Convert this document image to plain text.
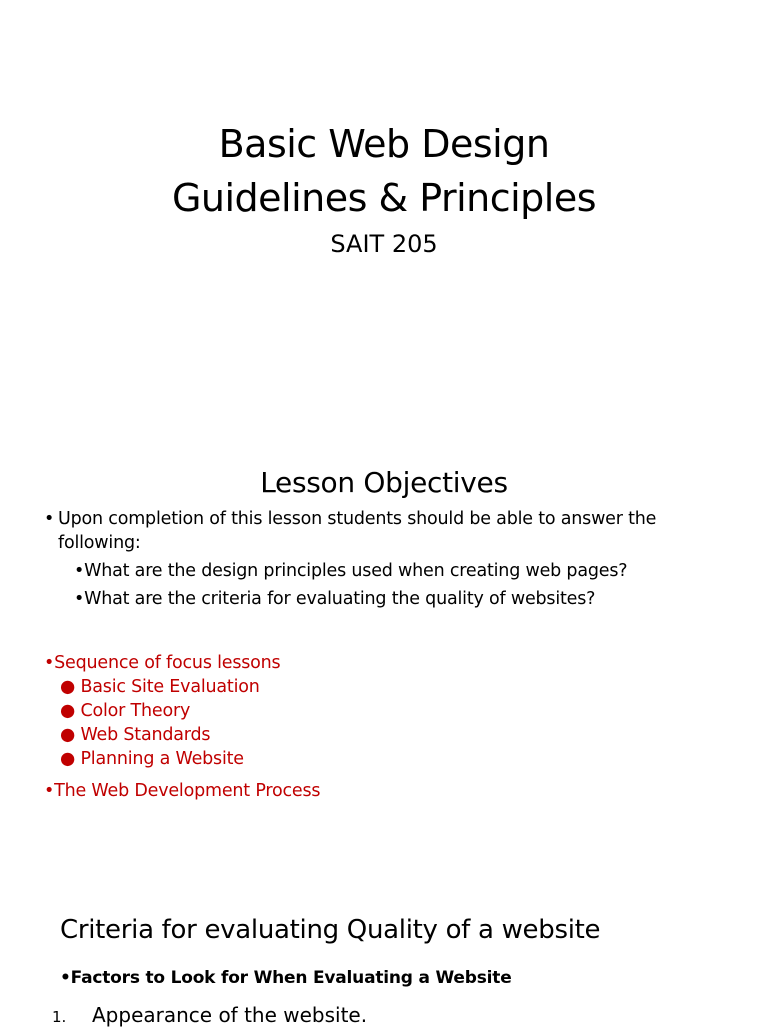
Basic Web Design
Guidelines & Principles
SAIT 205
Lesson Objectives
• Upon completion of this lesson students should be able to answer the following:
•What are the design principles used when creating web pages?
•What are the criteria for evaluating the quality of websites?
•Sequence of focus lessons
● Basic Site Evaluation
● Color Theory
● Web Standards
● Planning a Website
•The Web Development Process
Criteria for evaluating Quality of a website
•Factors to Look for When Evaluating a Website
1. Appearance of the website.
